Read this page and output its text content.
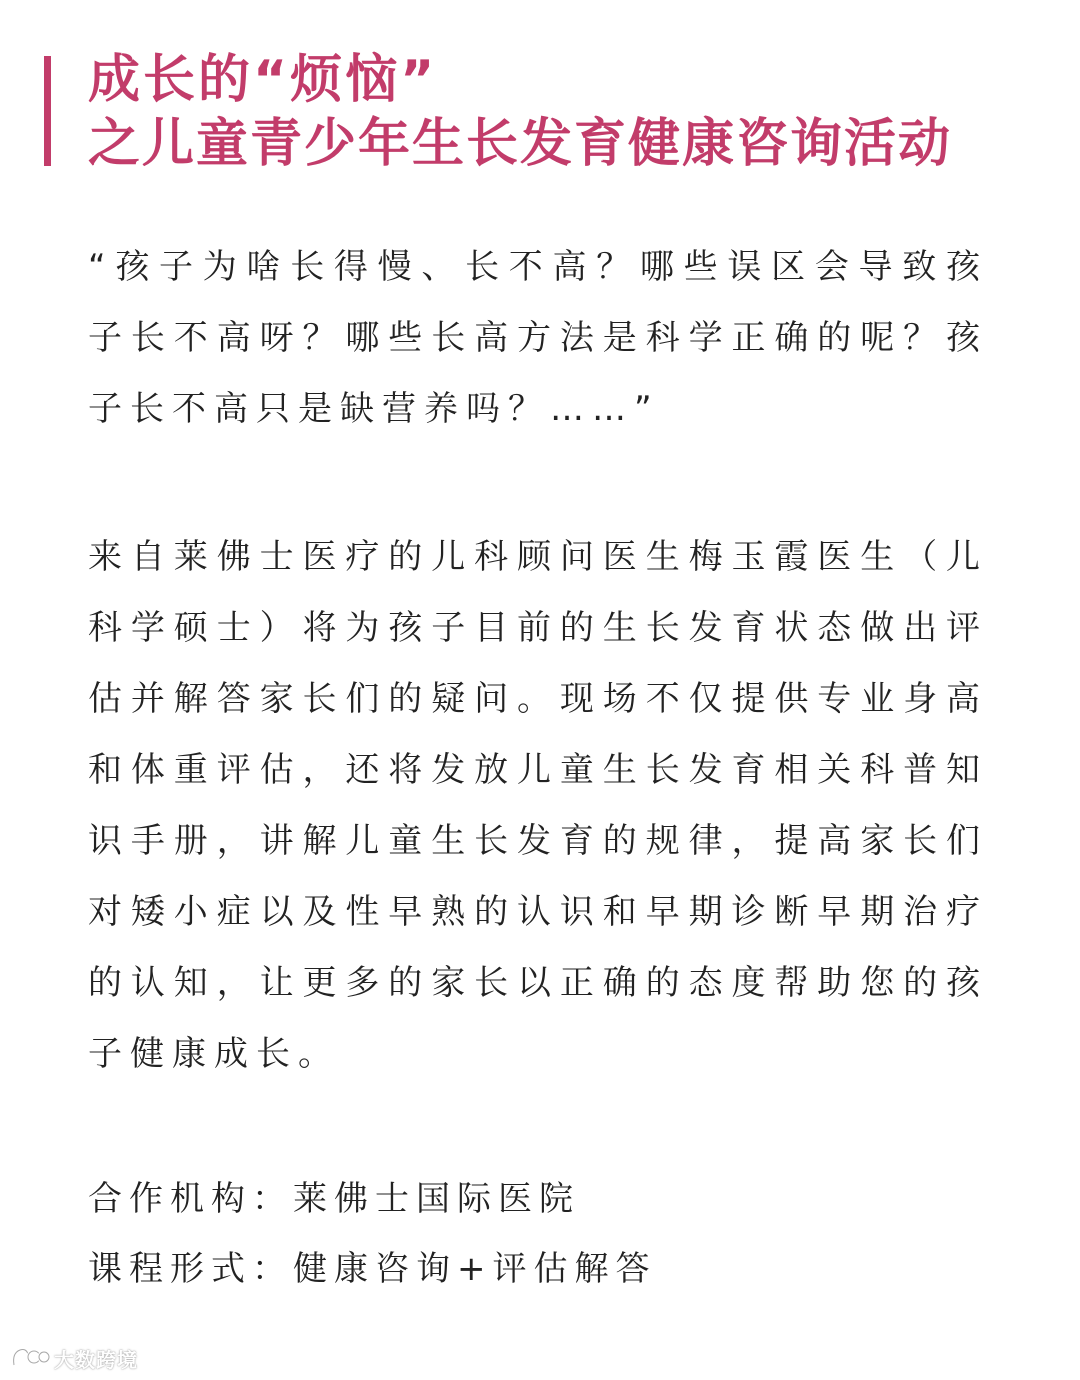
成长的“烦恼”
之儿童青少年生长发育健康咨询活动

“孩子为啥长得慢、长不高？哪些误区会导致孩子长不高呀？哪些长高方法是科学正确的呢？孩子长不高只是缺营养吗？……”

来自莱佛士医疗的儿科顾问医生梅玉霞医生（儿科学硕士）将为孩子目前的生长发育状态做出评估并解答家长们的疑问。现场不仅提供专业身高和体重评估，还将发放儿童生长发育相关科普知识手册，讲解儿童生长发育的规律，提高家长们对矮小症以及性早熟的认识和早期诊断早期治疗的认知，让更多的家长以正确的态度帮助您的孩子健康成长。

合作机构：莱佛士国际医院
课程形式：健康咨询+评估解答
大数跨境
